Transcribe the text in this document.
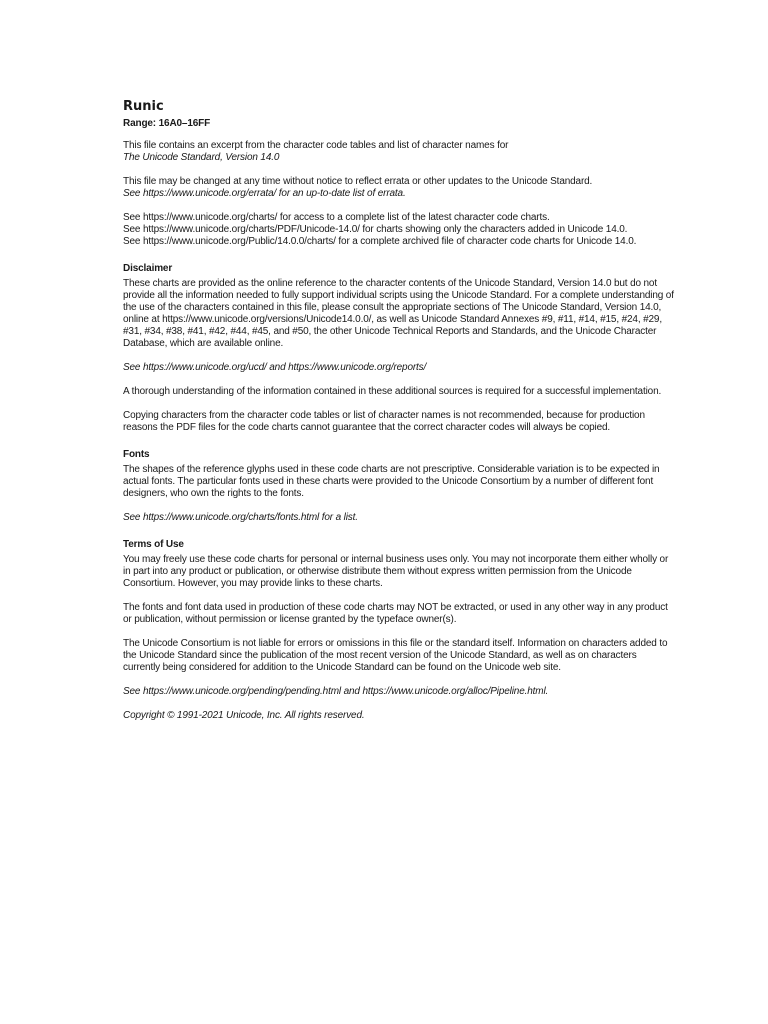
Runic
Range: 16A0–16FF

This file contains an excerpt from the character code tables and list of character names for
The Unicode Standard, Version 14.0

This file may be changed at any time without notice to reflect errata or other updates to the Unicode Standard.
See https://www.unicode.org/errata/ for an up-to-date list of errata.

See https://www.unicode.org/charts/ for access to a complete list of the latest character code charts.
See https://www.unicode.org/charts/PDF/Unicode-14.0/ for charts showing only the characters added in Unicode 14.0.
See https://www.unicode.org/Public/14.0.0/charts/ for a complete archived file of character code charts for Unicode 14.0.

Disclaimer

These charts are provided as the online reference to the character contents of the Unicode Standard, Version 14.0 but do not provide all the information needed to fully support individual scripts using the Unicode Standard. For a complete understanding of the use of the characters contained in this file, please consult the appropriate sections of The Unicode Standard, Version 14.0, online at https://www.unicode.org/versions/Unicode14.0.0/, as well as Unicode Standard Annexes #9, #11, #14, #15, #24, #29, #31, #34, #38, #41, #42, #44, #45, and #50, the other Unicode Technical Reports and Standards, and the Unicode Character Database, which are available online.

See https://www.unicode.org/ucd/ and https://www.unicode.org/reports/

A thorough understanding of the information contained in these additional sources is required for a successful implementation.

Copying characters from the character code tables or list of character names is not recommended, because for production reasons the PDF files for the code charts cannot guarantee that the correct character codes will always be copied.

Fonts

The shapes of the reference glyphs used in these code charts are not prescriptive. Considerable variation is to be expected in actual fonts. The particular fonts used in these charts were provided to the Unicode Consortium by a number of different font designers, who own the rights to the fonts.

See https://www.unicode.org/charts/fonts.html for a list.

Terms of Use

You may freely use these code charts for personal or internal business uses only. You may not incorporate them either wholly or in part into any product or publication, or otherwise distribute them without express written permission from the Unicode Consortium. However, you may provide links to these charts.

The fonts and font data used in production of these code charts may NOT be extracted, or used in any other way in any product or publication, without permission or license granted by the typeface owner(s).

The Unicode Consortium is not liable for errors or omissions in this file or the standard itself. Information on characters added to the Unicode Standard since the publication of the most recent version of the Unicode Standard, as well as on characters currently being considered for addition to the Unicode Standard can be found on the Unicode web site.

See https://www.unicode.org/pending/pending.html and https://www.unicode.org/alloc/Pipeline.html.

Copyright © 1991-2021 Unicode, Inc. All rights reserved.
